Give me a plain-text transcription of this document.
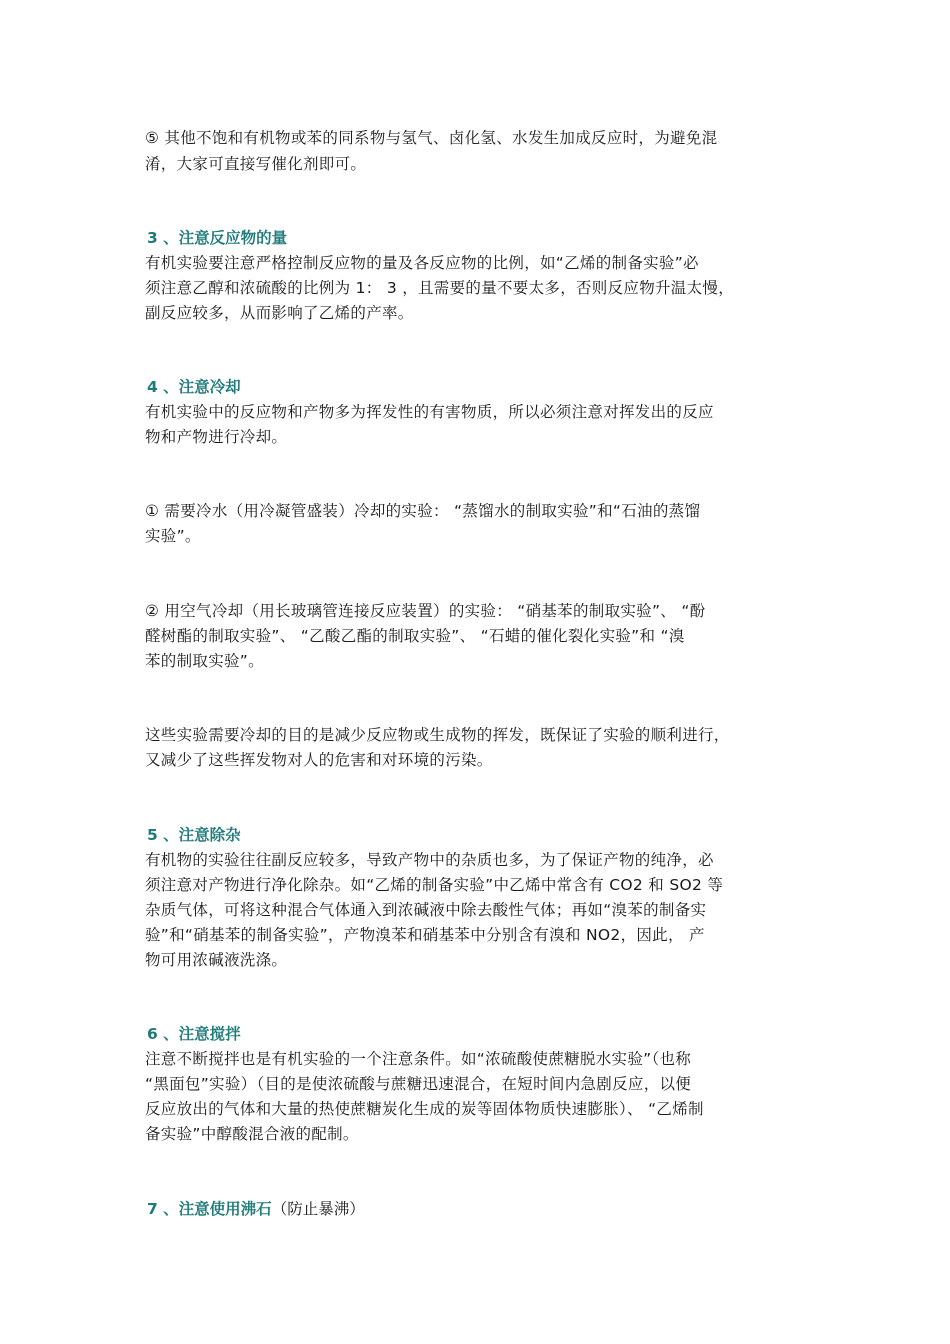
⑤ 其他不饱和有机物或苯的同系物与氢气、卤化氢、水发生加成反应时，为避免混
淆，大家可直接写催化剂即可。
3 、注意反应物的量
有机实验要注意严格控制反应物的量及各反应物的比例，如“乙烯的制备实验”必
须注意乙醇和浓硫酸的比例为 1： 3 ，且需要的量不要太多，否则反应物升温太慢，
副反应较多，从而影响了乙烯的产率。
4 、注意冷却
有机实验中的反应物和产物多为挥发性的有害物质，所以必须注意对挥发出的反应
物和产物进行冷却。
① 需要冷水（用冷凝管盛装）冷却的实验： “蒸馏水的制取实验”和“石油的蒸馏
实验”。
② 用空气冷却（用长玻璃管连接反应装置）的实验： “硝基苯的制取实验”、 “酚
醛树酯的制取实验”、 “乙酸乙酯的制取实验”、 “石蜡的催化裂化实验”和 “溴
苯的制取实验”。
这些实验需要冷却的目的是减少反应物或生成物的挥发，既保证了实验的顺利进行，
又减少了这些挥发物对人的危害和对环境的污染。
5 、注意除杂
有机物的实验往往副反应较多，导致产物中的杂质也多，为了保证产物的纯净，必
须注意对产物进行净化除杂。如“乙烯的制备实验”中乙烯中常含有 CO2 和 SO2 等
杂质气体，可将这种混合气体通入到浓碱液中除去酸性气体；再如“溴苯的制备实
验”和“硝基苯的制备实验”，产物溴苯和硝基苯中分别含有溴和 NO2，因此， 产
物可用浓碱液洗涤。
6 、注意搅拌
注意不断搅拌也是有机实验的一个注意条件。如“浓硫酸使蔗糖脱水实验”（也称
“黑面包”实验）（目的是使浓硫酸与蔗糖迅速混合，在短时间内急剧反应，以便
反应放出的气体和大量的热使蔗糖炭化生成的炭等固体物质快速膨胀）、 “乙烯制
备实验”中醇酸混合液的配制。
7 、注意使用沸石（防止暴沸）
